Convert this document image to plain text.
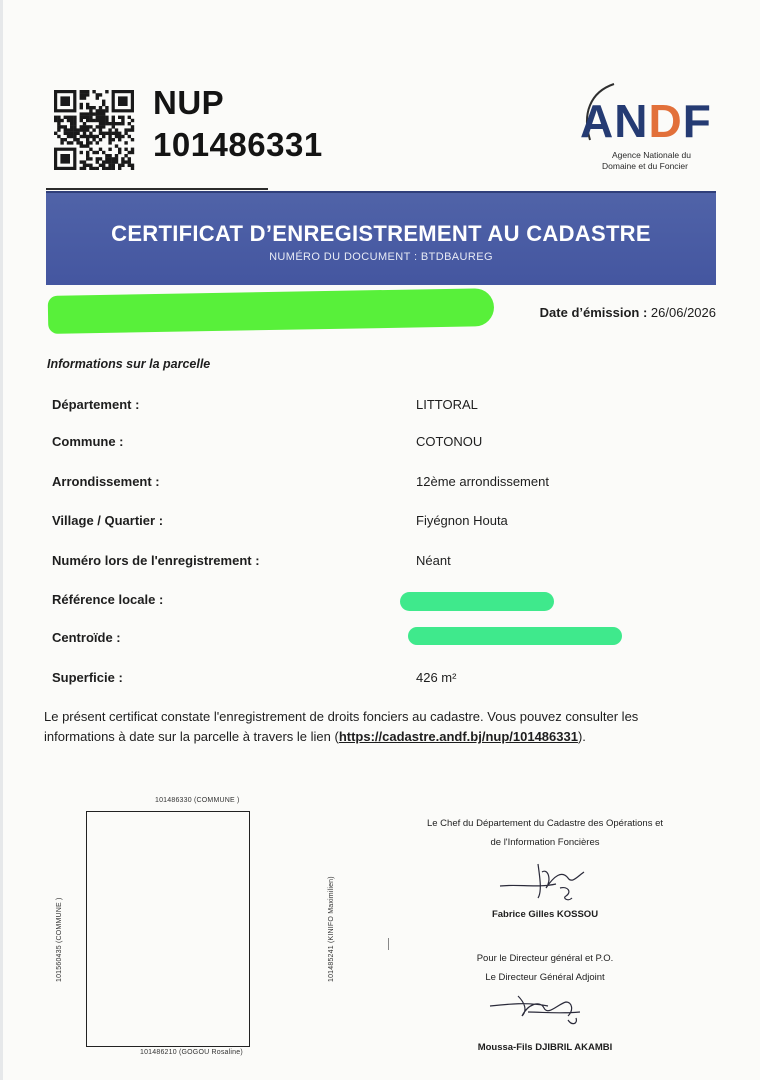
NUP
101486331	ANDF
Agence Nationale du
Domaine et du Foncier
CERTIFICAT D’ENREGISTREMENT AU CADASTRE
NUMÉRO DU DOCUMENT : BTDBAUREG
Date d’émission : 26/06/2026
Informations sur la parcelle
Département :	LITTORAL
Commune :	COTONOU
Arrondissement :	12ème arrondissement
Village / Quartier :	Fiyégnon Houta
Numéro lors de l'enregistrement :	Néant
Référence locale :
Centroïde :
Superficie :	426 m²
Le présent certificat constate l'enregistrement de droits fonciers au cadastre. Vous pouvez consulter les informations à date sur la parcelle à travers le lien (https://cadastre.andf.bj/nup/101486331).
101486330 (COMMUNE )
101486210 (GOGOU Rosaline)
101560435 (COMMUNE )	101485241 (KINIFO Maximilien)
Le Chef du Département du Cadastre des Opérations et
de l'Information Foncières
Fabrice Gilles KOSSOU
Pour le Directeur général et P.O.
Le Directeur Général Adjoint
Moussa-Fils DJIBRIL AKAMBI
